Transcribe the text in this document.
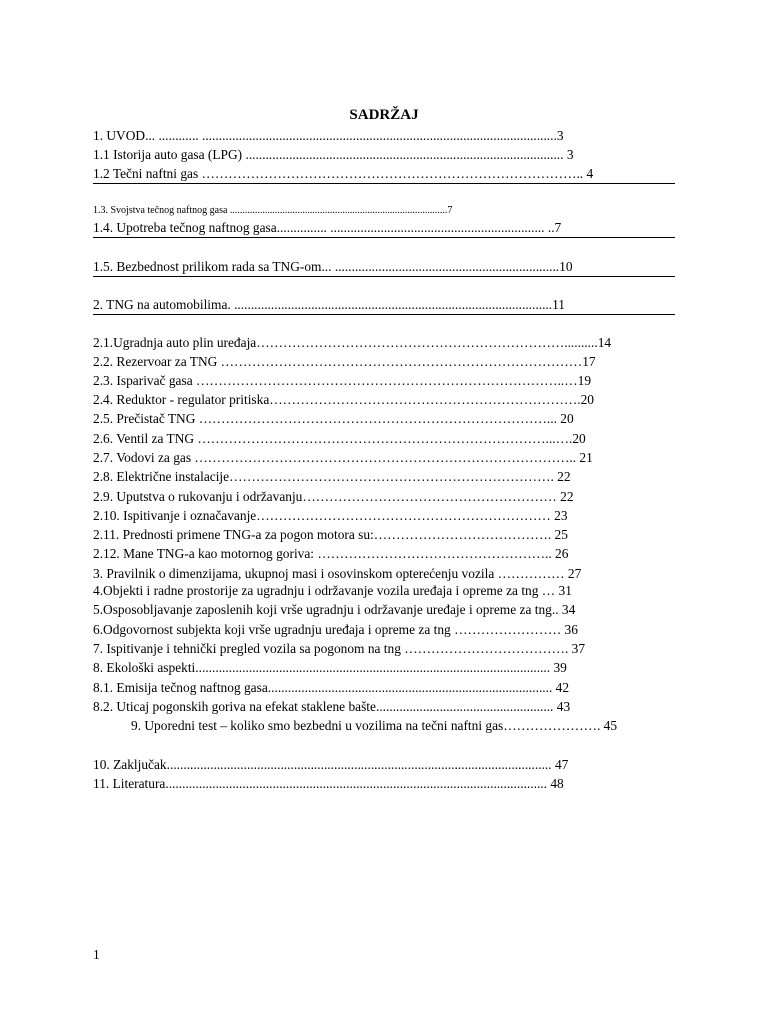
SADRŽAJ
1. UVOD... ............ ..........................................................................................................3
1.1 Istorija auto gasa (LPG) ............................................................................................... 3
1.2 Tečni naftni gas ………………………………………………………………………….. 4
1.3. Svojstva tečnog naftnog gasa .......................................................................................7
1.4. Upotreba tečnog naftnog gasa............... ................................................................ ..7
1.5. Bezbednost prilikom rada sa TNG-om... ...................................................................10
2. TNG na automobilima. ...............................................................................................11
2.1.Ugradnja auto plin uređaja……………………………………………………………..........14
2.2. Rezervoar za TNG ………………………………………………………………………17
2.3. Isparivač gasa ………………………………………………………………………..…19
2.4. Reduktor - regulator pritiska…………………………………………………………….20
2.5. Prečistač TNG ……………………………………………………………………... 20
2.6. Ventil za TNG ……………………………………………………………………...….20
2.7. Vodovi za gas ………………………………………………………………………….. 21
2.8. Električne instalacije………………………………………………………………. 22
2.9. Uputstva o rukovanju i održavanju………………………………………………… 22
2.10. Ispitivanje i označavanje………………………………………………………… 23
2.11. Prednosti primene TNG-a za pogon motora su:…………………………………. 25
2.12. Mane TNG-a kao motornog goriva: …………………………………………….. 26
3. Pravilnik o dimenzijama, ukupnoj masi i osovinskom opterećenju vozila …………… 27
4.Objekti i radne prostorije za ugradnju i održavanje vozila uređaja i opreme za tng … 31
5.Osposobljavanje zaposlenih koji vrše ugradnju i održavanje uređaje i opreme za tng.. 34
6.Odgovornost subjekta koji vrše ugradnju uređaja i opreme za tng …………………… 36
7. Ispitivanje i tehnički pregled vozila sa pogonom na tng ………………………………. 37
8. Ekološki aspekti.......................................................................................................... 39
8.1. Emisija tečnog naftnog gasa..................................................................................... 42
8.2. Uticaj pogonskih goriva na efekat staklene bašte..................................................... 43
9. Uporedni test – koliko smo bezbedni u vozilima na tečni naftni gas…………………. 45
10. Zaključak................................................................................................................... 47
11. Literatura.................................................................................................................. 48
1
